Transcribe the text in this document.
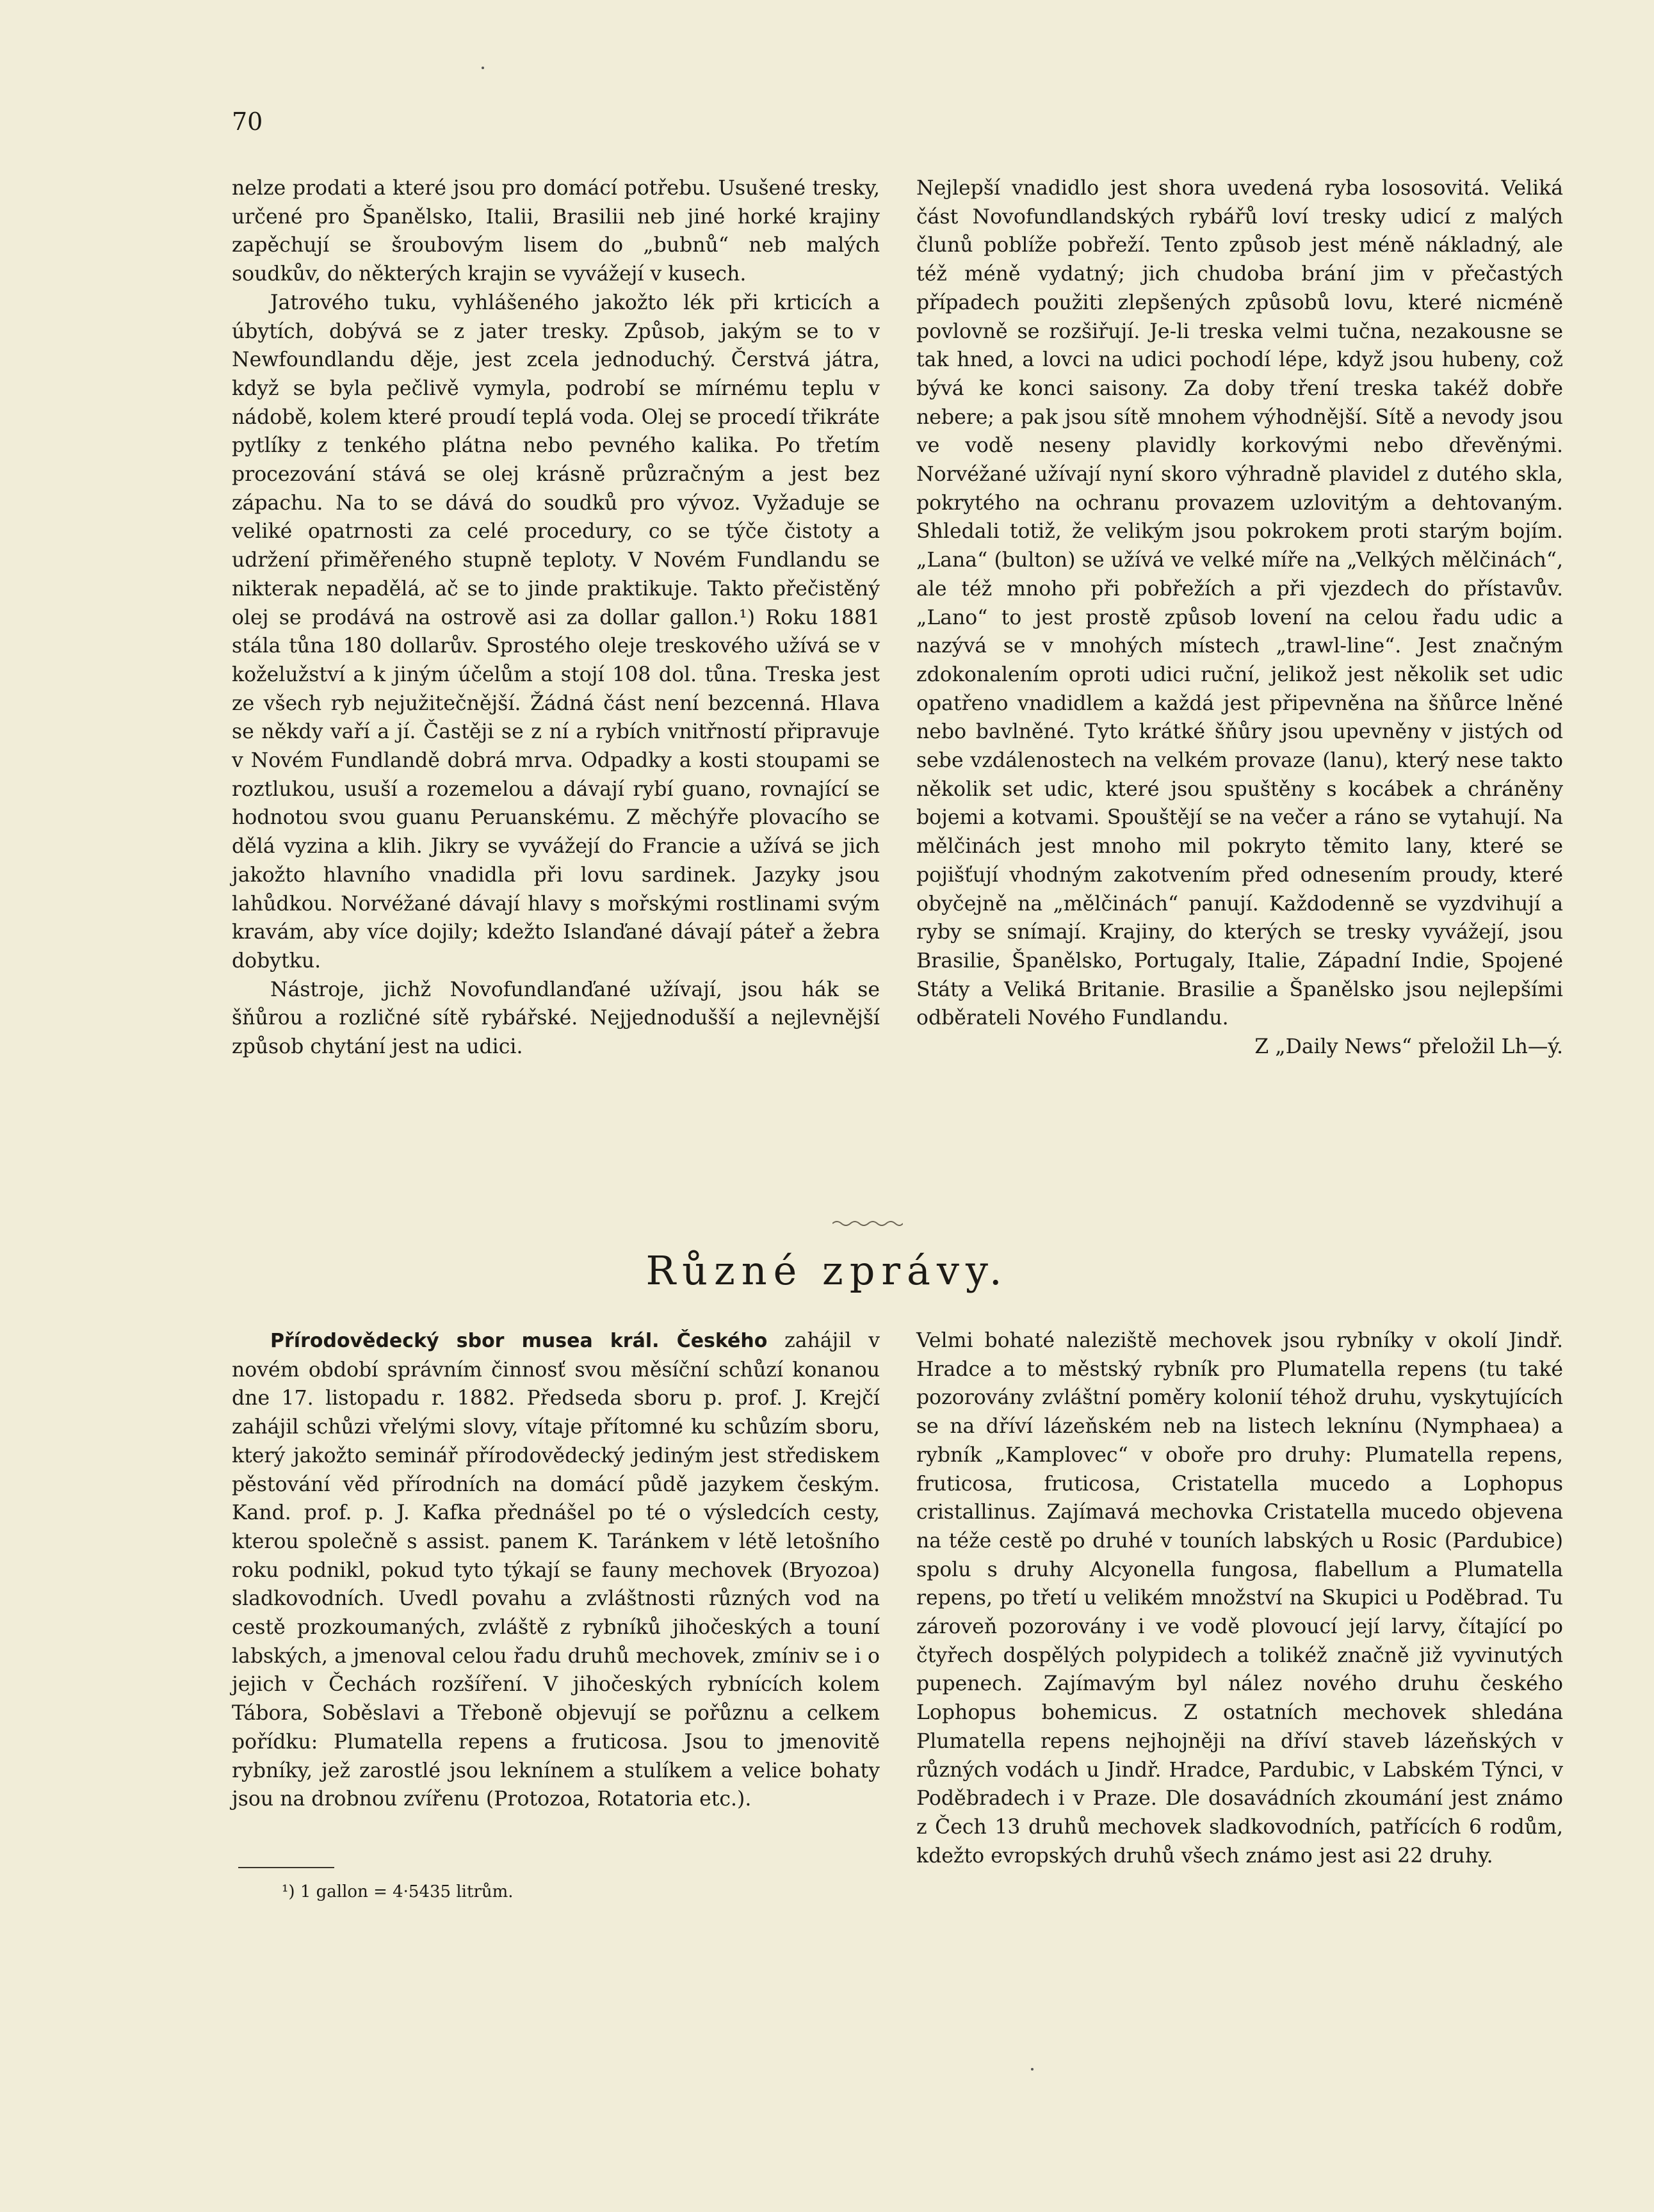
70

nelze prodati a které jsou pro domácí potřebu. Usušené tresky, určené pro Španělsko, Italii, Brasilii neb jiné horké krajiny zapěchují se šroubovým lisem do „bubnů“ neb malých soudkův, do některých krajin se vyvážejí v kusech.

Jatrového tuku, vyhlášeného jakožto lék při krticích a úbytích, dobývá se z jater tresky. Způsob, jakým se to v Newfoundlandu děje, jest zcela jednoduchý. Čerstvá játra, když se byla pečlivě vymyla, podrobí se mírnému teplu v nádobě, kolem které proudí teplá voda. Olej se procedí třikráte pytlíky z tenkého plátna nebo pevného kalika. Po třetím procezování stává se olej krásně průzračným a jest bez zápachu. Na to se dává do soudků pro vývoz. Vyžaduje se veliké opatrnosti za celé procedury, co se týče čistoty a udržení přiměřeného stupně teploty. V Novém Fundlandu se nikterak nepadělá, ač se to jinde praktikuje. Takto přečistěný olej se prodává na ostrově asi za dollar gallon.¹) Roku 1881 stála tůna 180 dollarův. Sprostého oleje treskového užívá se v koželužství a k jiným účelům a stojí 108 dol. tůna. Treska jest ze všech ryb nejužitečnější. Žádná část není bezcenná. Hlava se někdy vaří a jí. Častěji se z ní a rybích vnitřností připravuje v Novém Fundlandě dobrá mrva. Odpadky a kosti stoupami se roztlukou, usuší a rozemelou a dávají rybí guano, rovnající se hodnotou svou guanu Peruanskému. Z měchýře plovacího se dělá vyzina a klih. Jikry se vyvážejí do Francie a užívá se jich jakožto hlavního vnadidla při lovu sardinek. Jazyky jsou lahůdkou. Norvéžané dávají hlavy s mořskými rostlinami svým kravám, aby více dojily; kdežto Islanďané dávají páteř a žebra dobytku.

Nástroje, jichž Novofundlanďané užívají, jsou hák se šňůrou a rozličné sítě rybářské. Nejjednodušší a nejlevnější způsob chytání jest na udici.

Nejlepší vnadidlo jest shora uvedená ryba lososovitá. Veliká část Novofundlandských rybářů loví tresky udicí z malých člunů poblíže pobřeží. Tento způsob jest méně nákladný, ale též méně vydatný; jich chudoba brání jim v přečastých případech použiti zlepšených způsobů lovu, které nicméně povlovně se rozšiřují. Je-li treska velmi tučna, nezakousne se tak hned, a lovci na udici pochodí lépe, když jsou hubeny, což bývá ke konci saisony. Za doby tření treska takéž dobře nebere; a pak jsou sítě mnohem výhodnější. Sítě a nevody jsou ve vodě neseny plavidly korkovými nebo dřevěnými. Norvéžané užívají nyní skoro výhradně plavidel z dutého skla, pokrytého na ochranu provazem uzlovitým a dehtovaným. Shledali totiž, že velikým jsou pokrokem proti starým bojím. „Lana“ (bulton) se užívá ve velké míře na „Velkých mělčinách“, ale též mnoho při pobřežích a při vjezdech do přístavův. „Lano“ to jest prostě způsob lovení na celou řadu udic a nazývá se v mnohých místech „trawl-line“. Jest značným zdokonalením oproti udici ruční, jelikož jest několik set udic opatřeno vnadidlem a každá jest připevněna na šňůrce lněné nebo bavlněné. Tyto krátké šňůry jsou upevněny v jistých od sebe vzdálenostech na velkém provaze (lanu), který nese takto několik set udic, které jsou spuštěny s kocábek a chráněny bojemi a kotvami. Spouštějí se na večer a ráno se vytahují. Na mělčinách jest mnoho mil pokryto těmito lany, které se pojišťují vhodným zakotvením před odnesením proudy, které obyčejně na „mělčinách“ panují. Každodenně se vyzdvihují a ryby se snímají. Krajiny, do kterých se tresky vyvážejí, jsou Brasilie, Španělsko, Portugaly, Italie, Západní Indie, Spojené Státy a Veliká Britanie. Brasilie a Španělsko jsou nejlepšími odběrateli Nového Fundlandu.

Z „Daily News“ přeložil Lh—ý.

Různé zprávy.

Přírodovědecký sbor musea král. Českého zahájil v novém období správním činnosť svou měsíční schůzí konanou dne 17. listopadu r. 1882. Předseda sboru p. prof. J. Krejčí zahájil schůzi vřelými slovy, vítaje přítomné ku schůzím sboru, který jakožto seminář přírodovědecký jediným jest střediskem pěstování věd přírodních na domácí půdě jazykem českým. Kand. prof. p. J. Kafka přednášel po té o výsledcích cesty, kterou společně s assist. panem K. Taránkem v létě letošního roku podnikl, pokud tyto týkají se fauny mechovek (Bryozoa) sladkovodních. Uvedl povahu a zvláštnosti různých vod na cestě prozkoumaných, zvláště z rybníků jihočeských a touní labských, a jmenoval celou řadu druhů mechovek, zmíniv se i o jejich v Čechách rozšíření. V jihočeských rybnících kolem Tábora, Soběslavi a Třeboně objevují se pořůznu a celkem pořídku: Plumatella repens a fruticosa. Jsou to jmenovitě rybníky, jež zarostlé jsou leknínem a stulíkem a velice bohaty jsou na drobnou zvířenu (Protozoa, Rotatoria etc.).

Velmi bohaté naleziště mechovek jsou rybníky v okolí Jindř. Hradce a to městský rybník pro Plumatella repens (tu také pozorovány zvláštní poměry kolonií téhož druhu, vyskytujících se na dříví lázeňském neb na listech leknínu (Nymphaea) a rybník „Kamplovec“ v oboře pro druhy: Plumatella repens, fruticosa, fruticosa, Cristatella mucedo a Lophopus cristallinus. Zajímavá mechovka Cristatella mucedo objevena na téže cestě po druhé v touních labských u Rosic (Pardubice) spolu s druhy Alcyonella fungosa, flabellum a Plumatella repens, po třetí u velikém množství na Skupici u Poděbrad. Tu zároveň pozorovány i ve vodě plovoucí její larvy, čítající po čtyřech dospělých polypidech a tolikéž značně již vyvinutých pupenech. Zajímavým byl nález nového druhu českého Lophopus bohemicus. Z ostatních mechovek shledána Plumatella repens nejhojněji na dříví staveb lázeňských v různých vodách u Jindř. Hradce, Pardubic, v Labském Týnci, v Poděbradech i v Praze. Dle dosavádních zkoumání jest známo z Čech 13 druhů mechovek sladkovodních, patřících 6 rodům, kdežto evropských druhů všech známo jest asi 22 druhy.

¹) 1 gallon = 4·5435 litrům.
